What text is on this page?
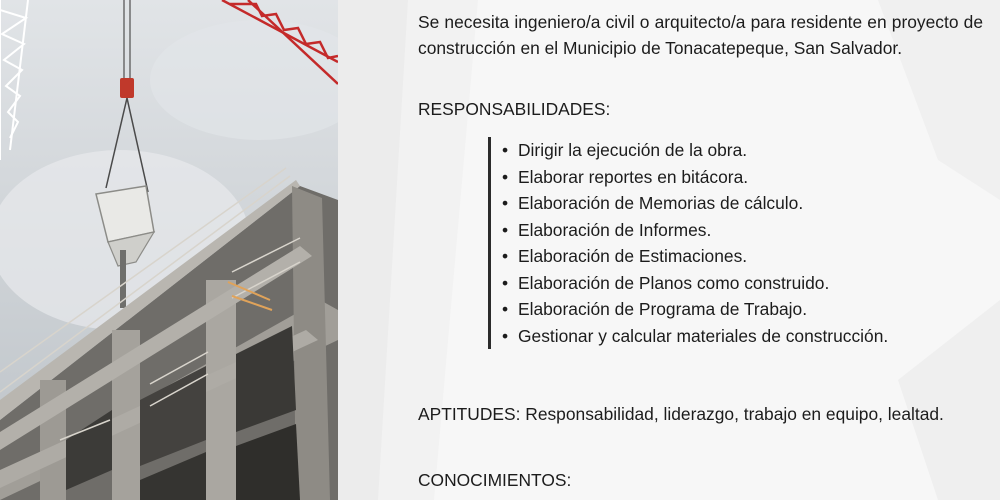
Se necesita ingeniero/a civil o arquitecto/a para residente en proyecto de construcción en el Municipio de Tonacatepeque, San Salvador.

RESPONSABILIDADES:

• Dirigir la ejecución de la obra.
• Elaborar reportes en bitácora.
• Elaboración de Memorias de cálculo.
• Elaboración de Informes.
• Elaboración de Estimaciones.
• Elaboración de Planos como construido.
• Elaboración de Programa de Trabajo.
• Gestionar y calcular materiales de construcción.

APTITUDES: Responsabilidad, liderazgo, trabajo en equipo, lealtad.

CONOCIMIENTOS:
